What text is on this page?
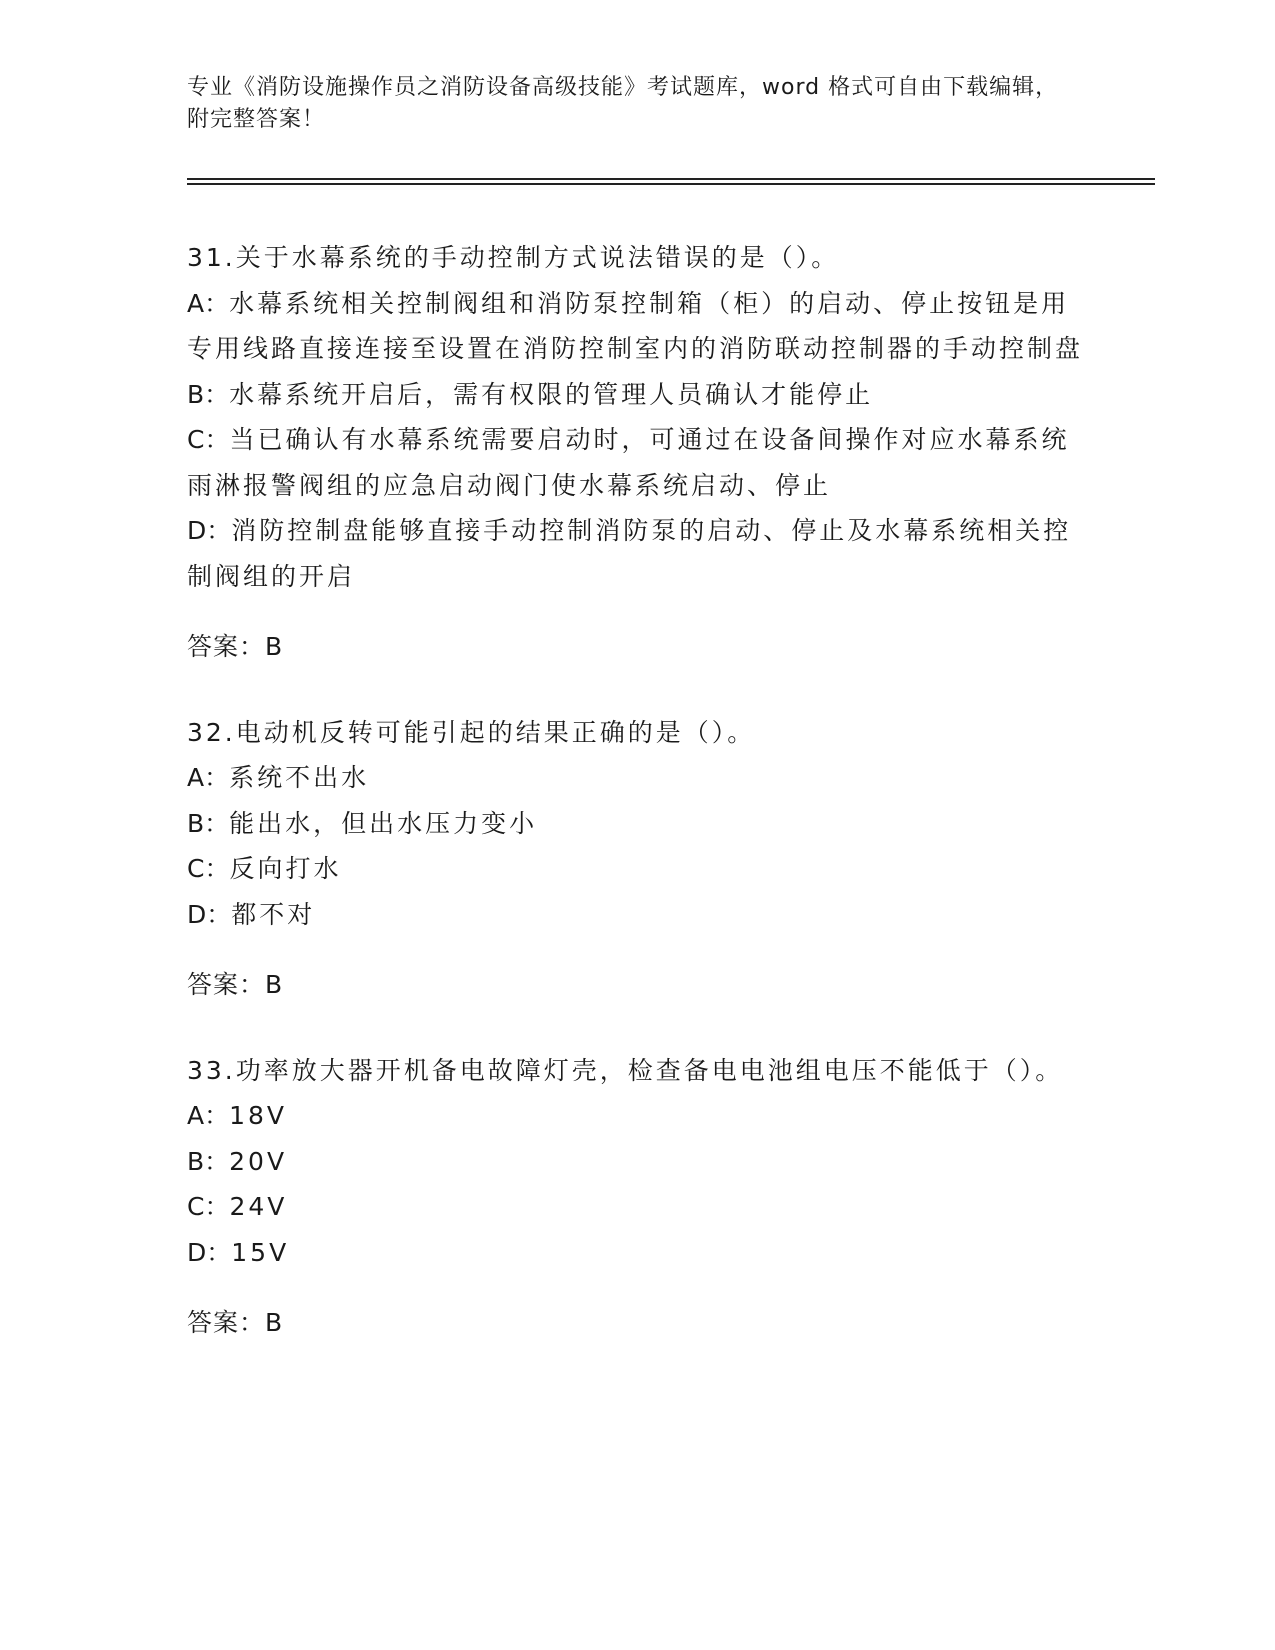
专业《消防设施操作员之消防设备高级技能》考试题库，word 格式可自由下载编辑，附完整答案！

31.关于水幕系统的手动控制方式说法错误的是（）。

A：水幕系统相关控制阀组和消防泵控制箱（柜）的启动、停止按钮是用专用线路直接连接至设置在消防控制室内的消防联动控制器的手动控制盘

B：水幕系统开启后，需有权限的管理人员确认才能停止

C：当已确认有水幕系统需要启动时，可通过在设备间操作对应水幕系统雨淋报警阀组的应急启动阀门使水幕系统启动、停止

D：消防控制盘能够直接手动控制消防泵的启动、停止及水幕系统相关控制阀组的开启

答案：B

32.电动机反转可能引起的结果正确的是（）。

A：系统不出水

B：能出水，但出水压力变小

C：反向打水

D：都不对

答案：B

33.功率放大器开机备电故障灯壳，检查备电电池组电压不能低于（）。

A：18V

B：20V

C：24V

D：15V

答案：B
